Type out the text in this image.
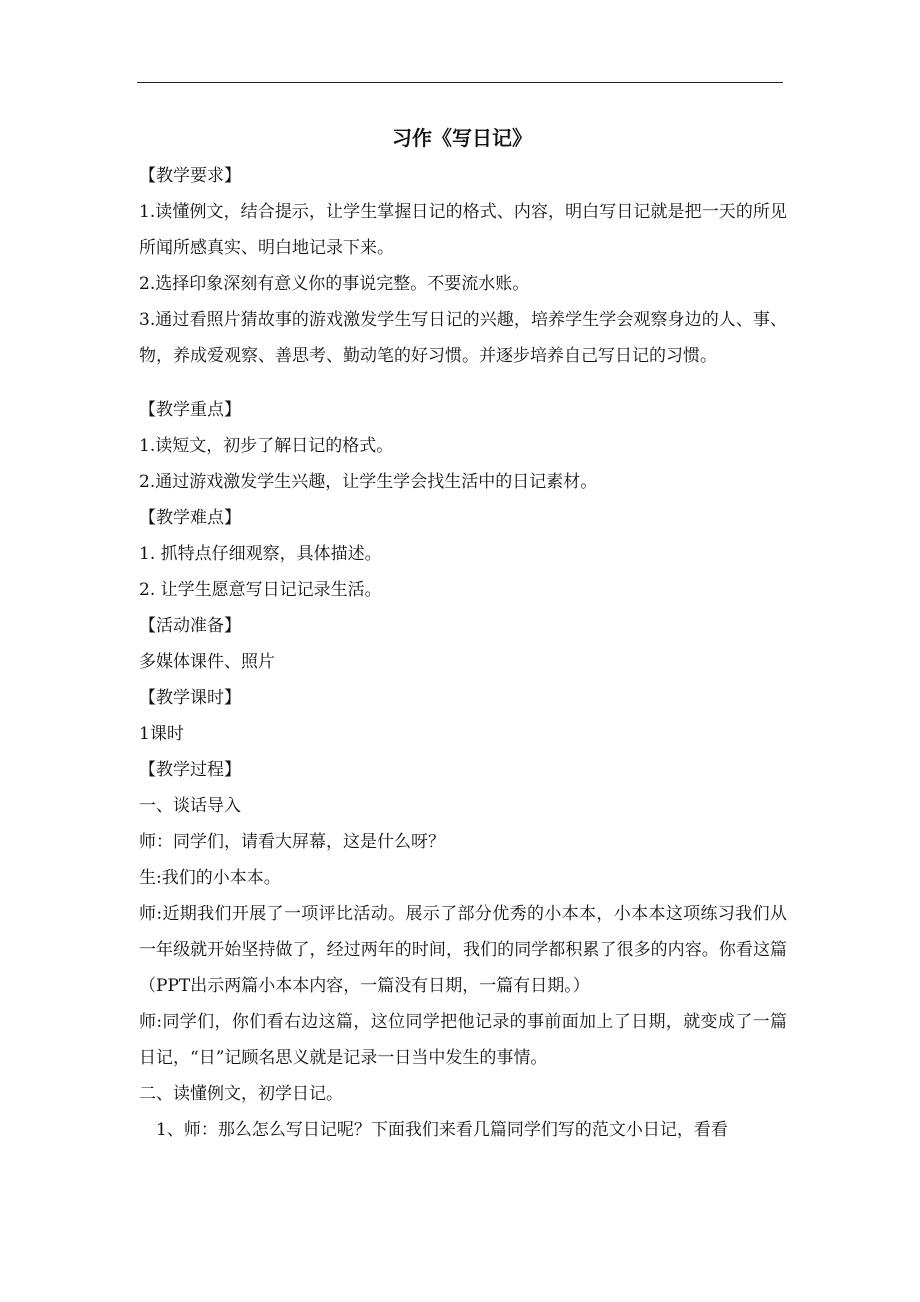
习作《写日记》

【教学要求】

1.读懂例文，结合提示，让学生掌握日记的格式、内容，明白写日记就是把一天的所见所闻所感真实、明白地记录下来。

2.选择印象深刻有意义你的事说完整。不要流水账。

3.通过看照片猜故事的游戏激发学生写日记的兴趣，培养学生学会观察身边的人、事、物，养成爱观察、善思考、勤动笔的好习惯。并逐步培养自己写日记的习惯。

【教学重点】

1.读短文，初步了解日记的格式。

2.通过游戏激发学生兴趣，让学生学会找生活中的日记素材。

【教学难点】

1. 抓特点仔细观察，具体描述。

2. 让学生愿意写日记记录生活。

【活动准备】

多媒体课件、照片

【教学课时】

1课时

【教学过程】

一、谈话导入

师：同学们，请看大屏幕，这是什么呀？

生:我们的小本本。

师:近期我们开展了一项评比活动。展示了部分优秀的小本本，小本本这项练习我们从一年级就开始坚持做了，经过两年的时间，我们的同学都积累了很多的内容。你看这篇（PPT出示两篇小本本内容，一篇没有日期，一篇有日期。）

师:同学们，你们看右边这篇，这位同学把他记录的事前面加上了日期，就变成了一篇日记，“日”记顾名思义就是记录一日当中发生的事情。

二、读懂例文，初学日记。

1、师：那么怎么写日记呢？下面我们来看几篇同学们写的范文小日记，看看
